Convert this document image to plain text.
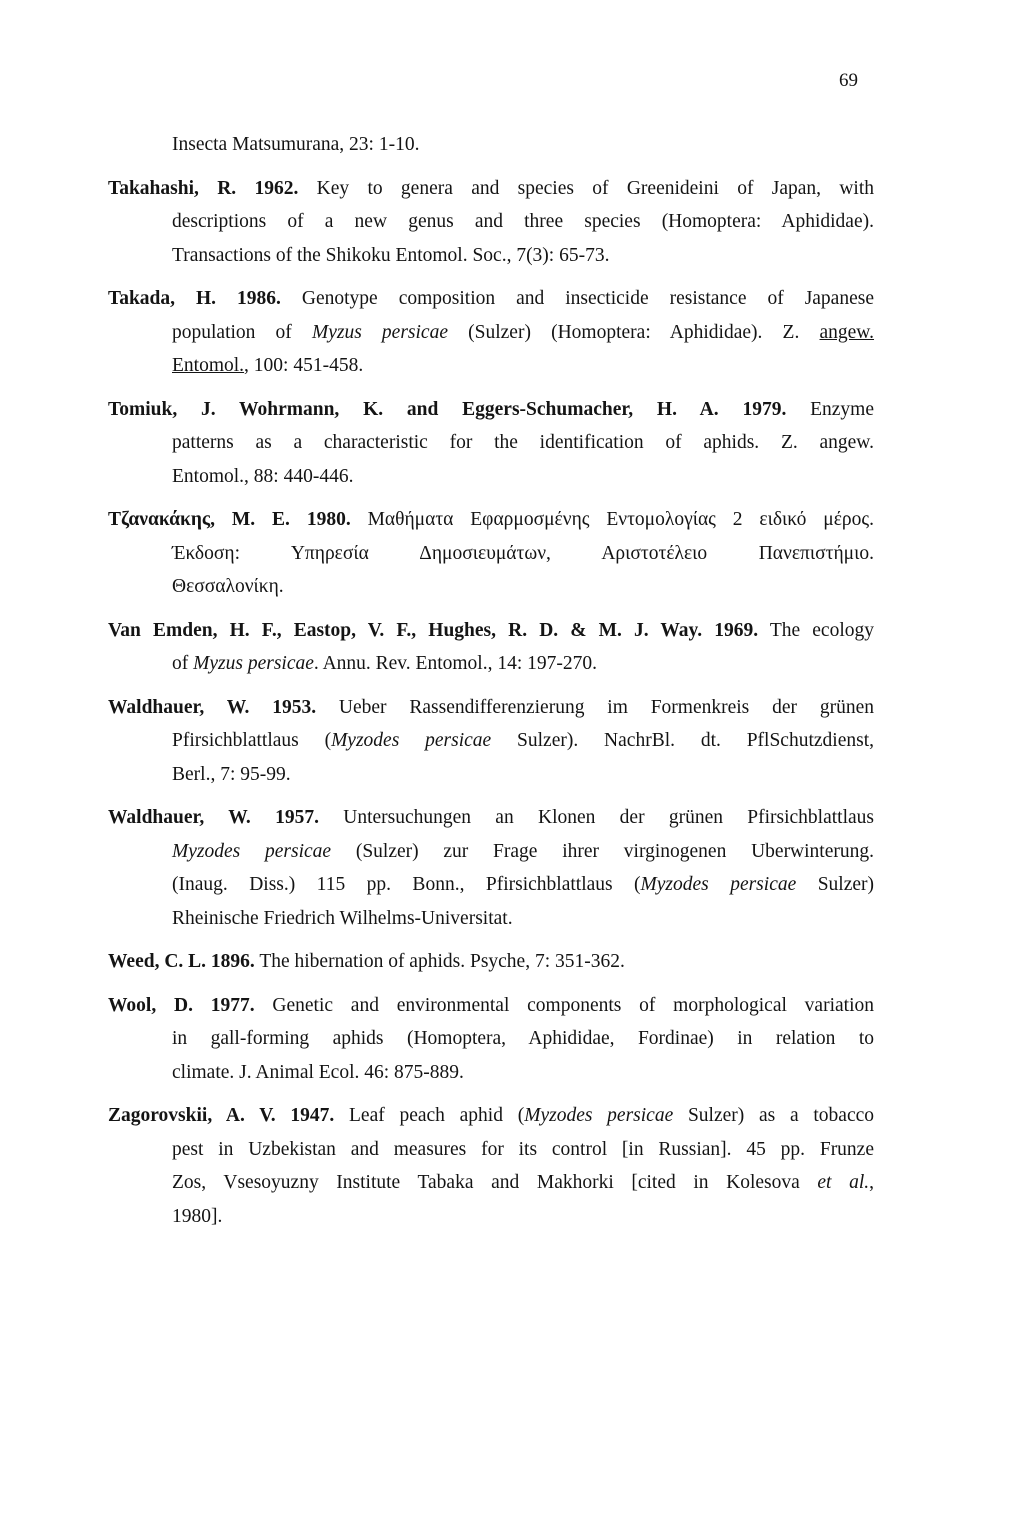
69
Insecta Matsumurana, 23: 1-10.
Takahashi, R. 1962. Key to genera and species of Greenideini of Japan, with
descriptions of a new genus and three species (Homoptera: Aphididae).
Transactions of the Shikoku Entomol. Soc., 7(3): 65-73.
Takada, H. 1986. Genotype composition and insecticide resistance of Japanese
population of Myzus persicae (Sulzer) (Homoptera: Aphididae). Z. angew.
Entomol., 100: 451-458.
Tomiuk, J. Wohrmann, K. and Eggers-Schumacher, H. A. 1979. Enzyme
patterns as a characteristic for the identification of aphids. Z. angew.
Entomol., 88: 440-446.
Τζανακάκης, Μ. Ε. 1980. Μαθήματα Εφαρμοσμένης Εντομολογίας 2 ειδικό μέρος.
Έκδοση: Υπηρεσία Δημοσιευμάτων, Αριστοτέλειο Πανεπιστήμιο.
Θεσσαλονίκη.
Van Emden, H. F., Eastop, V. F., Hughes, R. D. & M. J. Way. 1969. The ecology
of Myzus persicae. Annu. Rev. Entomol., 14: 197-270.
Waldhauer, W. 1953. Ueber Rassendifferenzierung im Formenkreis der grünen
Pfirsichblattlaus (Myzodes persicae Sulzer). NachrBl. dt. PflSchutzdienst,
Berl., 7: 95-99.
Waldhauer, W. 1957. Untersuchungen an Klonen der grünen Pfirsichblattlaus
Myzodes persicae (Sulzer) zur Frage ihrer virginogenen Uberwinterung.
(Inaug. Diss.) 115 pp. Bonn., Pfirsichblattlaus (Myzodes persicae Sulzer)
Rheinische Friedrich Wilhelms-Universitat.
Weed, C. L. 1896. The hibernation of aphids. Psyche, 7: 351-362.
Wool, D. 1977. Genetic and environmental components of morphological variation
in gall-forming aphids (Homoptera, Aphididae, Fordinae) in relation to
climate. J. Animal Ecol. 46: 875-889.
Zagorovskii, A. V. 1947. Leaf peach aphid (Myzodes persicae Sulzer) as a tobacco
pest in Uzbekistan and measures for its control [in Russian]. 45 pp. Frunze
Zos, Vsesoyuzny Institute Tabaka and Makhorki [cited in Kolesova et al.,
1980].
